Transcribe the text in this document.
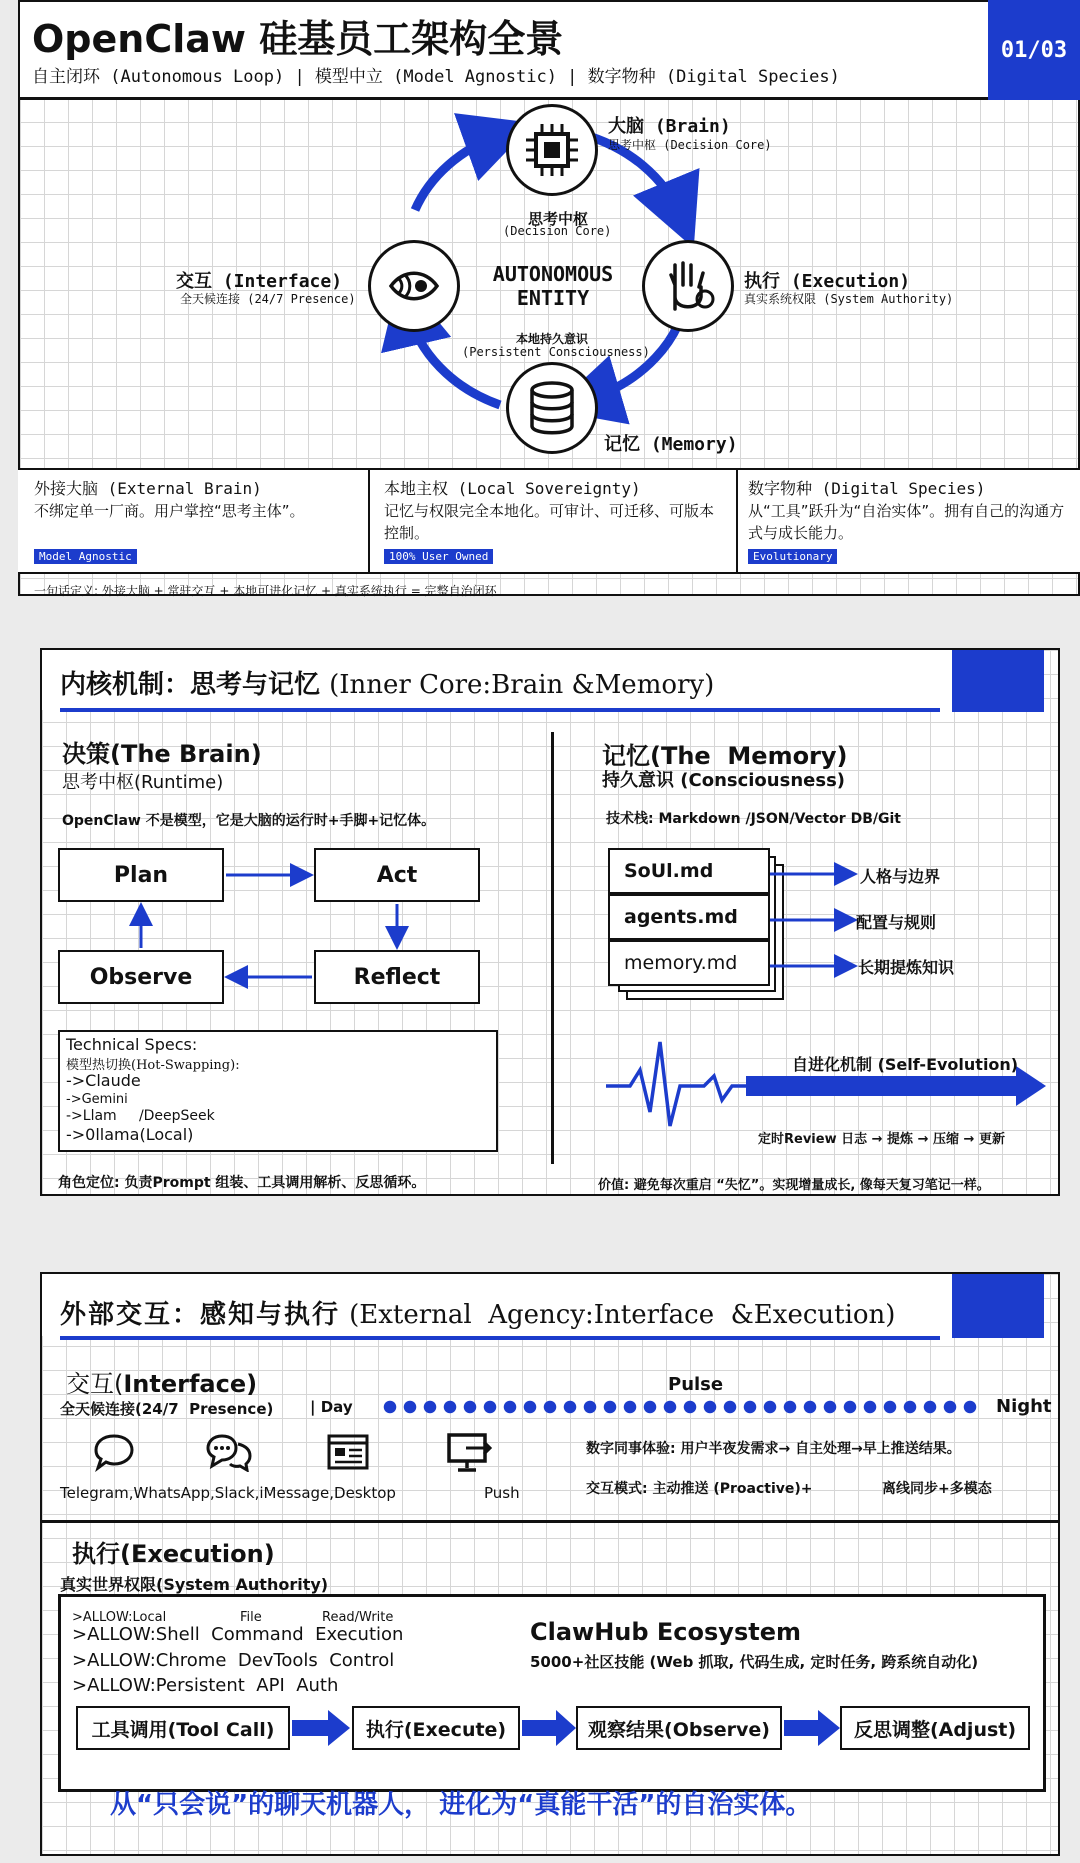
OpenClaw 硅基员工架构全景
自主闭环 (Autonomous Loop) | 模型中立 (Model Agnostic) | 数字物种 (Digital Species)
01/03
思考中枢
(Decision Core)
AUTONOMOUS ENTITY
本地持久意识
(Persistent Consciousness)
大脑 (Brain)
思考中枢 (Decision Core)
执行 (Execution)
真实系统权限 (System Authority)
交互 (Interface)
全天候连接 (24/7 Presence)
记忆 (Memory)
外接大脑 (External Brain)
不绑定单一厂商。用户掌控“思考主体”。
Model Agnostic
本地主权 (Local Sovereignty)
记忆与权限完全本地化。可审计、可迁移、可版本控制。
100% User Owned
数字物种 (Digital Species)
从“工具”跃升为“自治实体”。拥有自己的沟通方式与成长能力。
Evolutionary
一句话定义: 外接大脑 + 常驻交互 + 本地可进化记忆 + 真实系统执行 = 完整自治闭环
内核机制：思考与记忆 (Inner Core:Brain &Memory)
决策(The Brain)
思考中枢(Runtime)
OpenClaw 不是模型，它是大脑的运行时+手脚+记忆体。
Plan	Act
Reflect
Observe
Technical Specs:
模型热切换(Hot-Swapping):
->Claude
->Gemini
->Llam     /DeepSeek
->0llama(Local)
角色定位: 负责Prompt 组装、工具调用解析、反思循环。
记忆(The  Memory)
持久意识 (Consciousness)
技术栈: Markdown /JSON/Vector DB/Git
SoUl.md
agents.md
memory.md
人格与边界
配置与规则
长期提炼知识
自进化机制 (Self-Evolution)
定时Review 日志 → 提炼 → 压缩 → 更新
价值: 避免每次重启 “失忆”。实现增量成长, 像每天复习笔记一样。
外部交互：感知与执行 (External  Agency:Interface  &Execution)
交互(Interface)
全天候连接(24/7  Presence) | Day
Pulse
Night
Telegram,WhatsApp,Slack,iMessage,Desktop	Push
数字同事体验: 用户半夜发需求→ 自主处理→早上推送结果。
交互模式: 主动推送 (Proactive)+	离线同步+多模态
执行(Execution)
真实世界权限(System Authority)
>ALLOW:Local	File	Read/Write
>ALLOW:Shell  Command  Execution
>ALLOW:Chrome  DevTools  Control
>ALLOW:Persistent  API  Auth
ClawHub Ecosystem
5000+社区技能 (Web 抓取, 代码生成, 定时任务, 跨系统自动化)
工具调用(Tool Call)	执行(Execute)	观察结果(Observe)	反思调整(Adjust)
从“只会说”的聊天机器人， 进化为“真能干活”的自治实体。
